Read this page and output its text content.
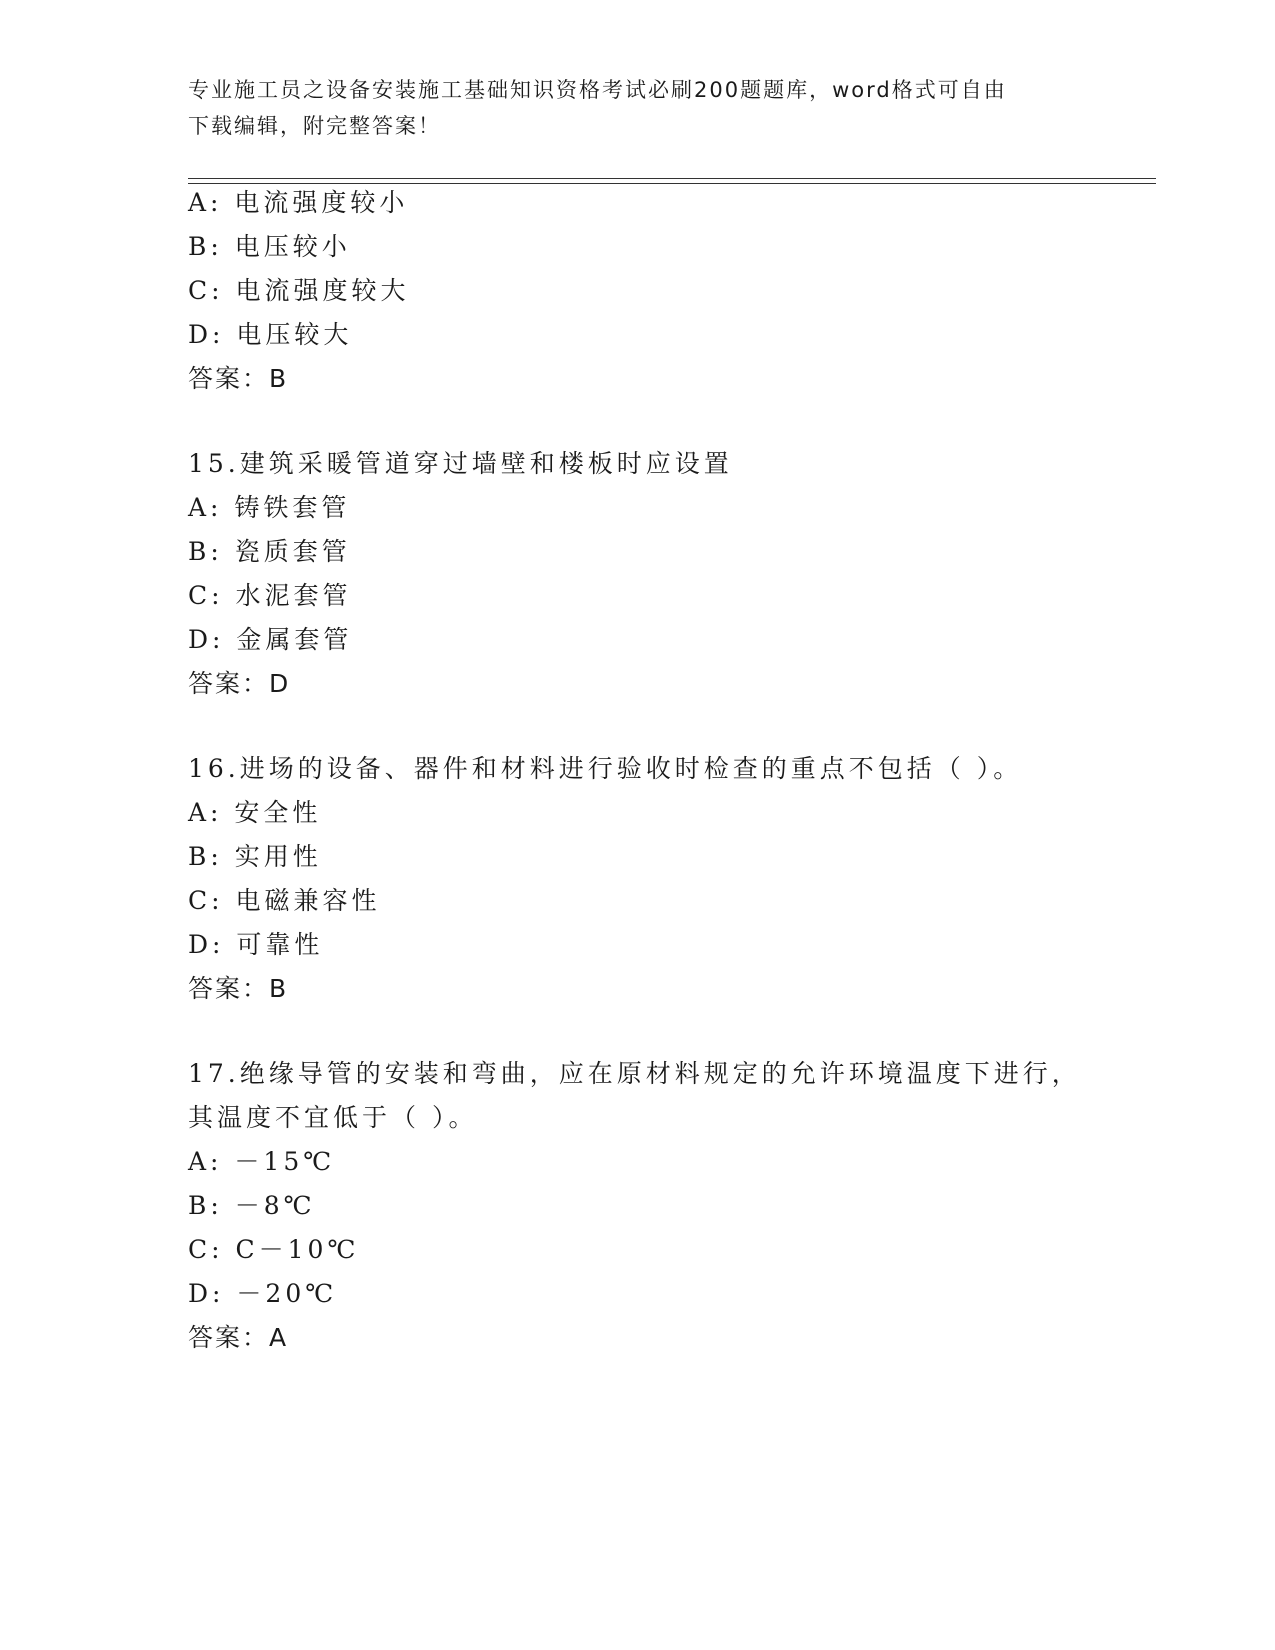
专业施工员之设备安装施工基础知识资格考试必刷200题题库，word格式可自由
下载编辑，附完整答案！
A: 电流强度较小
B: 电压较小
C: 电流强度较大
D: 电压较大
答案：B
15.建筑采暖管道穿过墙壁和楼板时应设置
A: 铸铁套管
B: 瓷质套管
C: 水泥套管
D: 金属套管
答案：D
16.进场的设备、器件和材料进行验收时检查的重点不包括（ ）。
A: 安全性
B: 实用性
C: 电磁兼容性
D: 可靠性
答案：B
17.绝缘导管的安装和弯曲，应在原材料规定的允许环境温度下进行，
其温度不宜低于（ ）。
A: －15℃
B: －8℃
C: C－10℃
D: －20℃
答案：A
